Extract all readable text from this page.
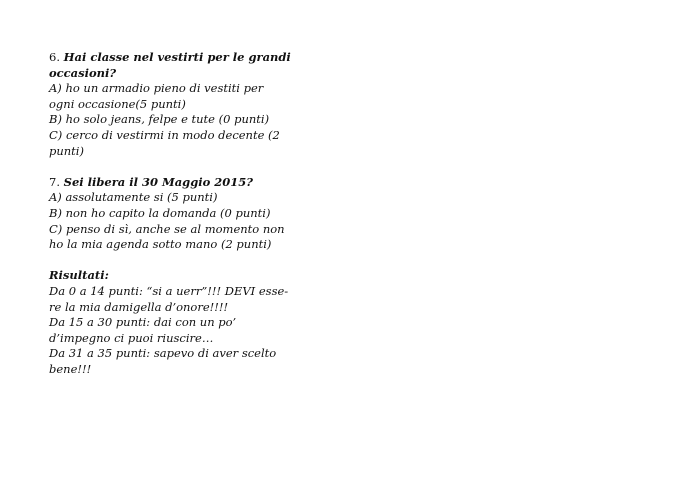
6. Hai classe nel vestirti per le grandi
occasioni?
A) ho un armadio pieno di vestiti per
ogni occasione(5 punti)
B) ho solo jeans, felpe e tute (0 punti)
C) cerco di vestirmi in modo decente (2
punti)
7. Sei libera il 30 Maggio 2015?
A) assolutamente si (5 punti)
B) non ho capito la domanda (0 punti)
C) penso di sì, anche se al momento non
ho la mia agenda sotto mano (2 punti)
Risultati:
Da 0 a 14 punti: “si a uerr”!!! DEVI esse-
re la mia damigella d’onore!!!!
Da 15 a 30 punti: dai con un po’
d’impegno ci puoi riuscire…
Da 31 a 35 punti: sapevo di aver scelto
bene!!!
